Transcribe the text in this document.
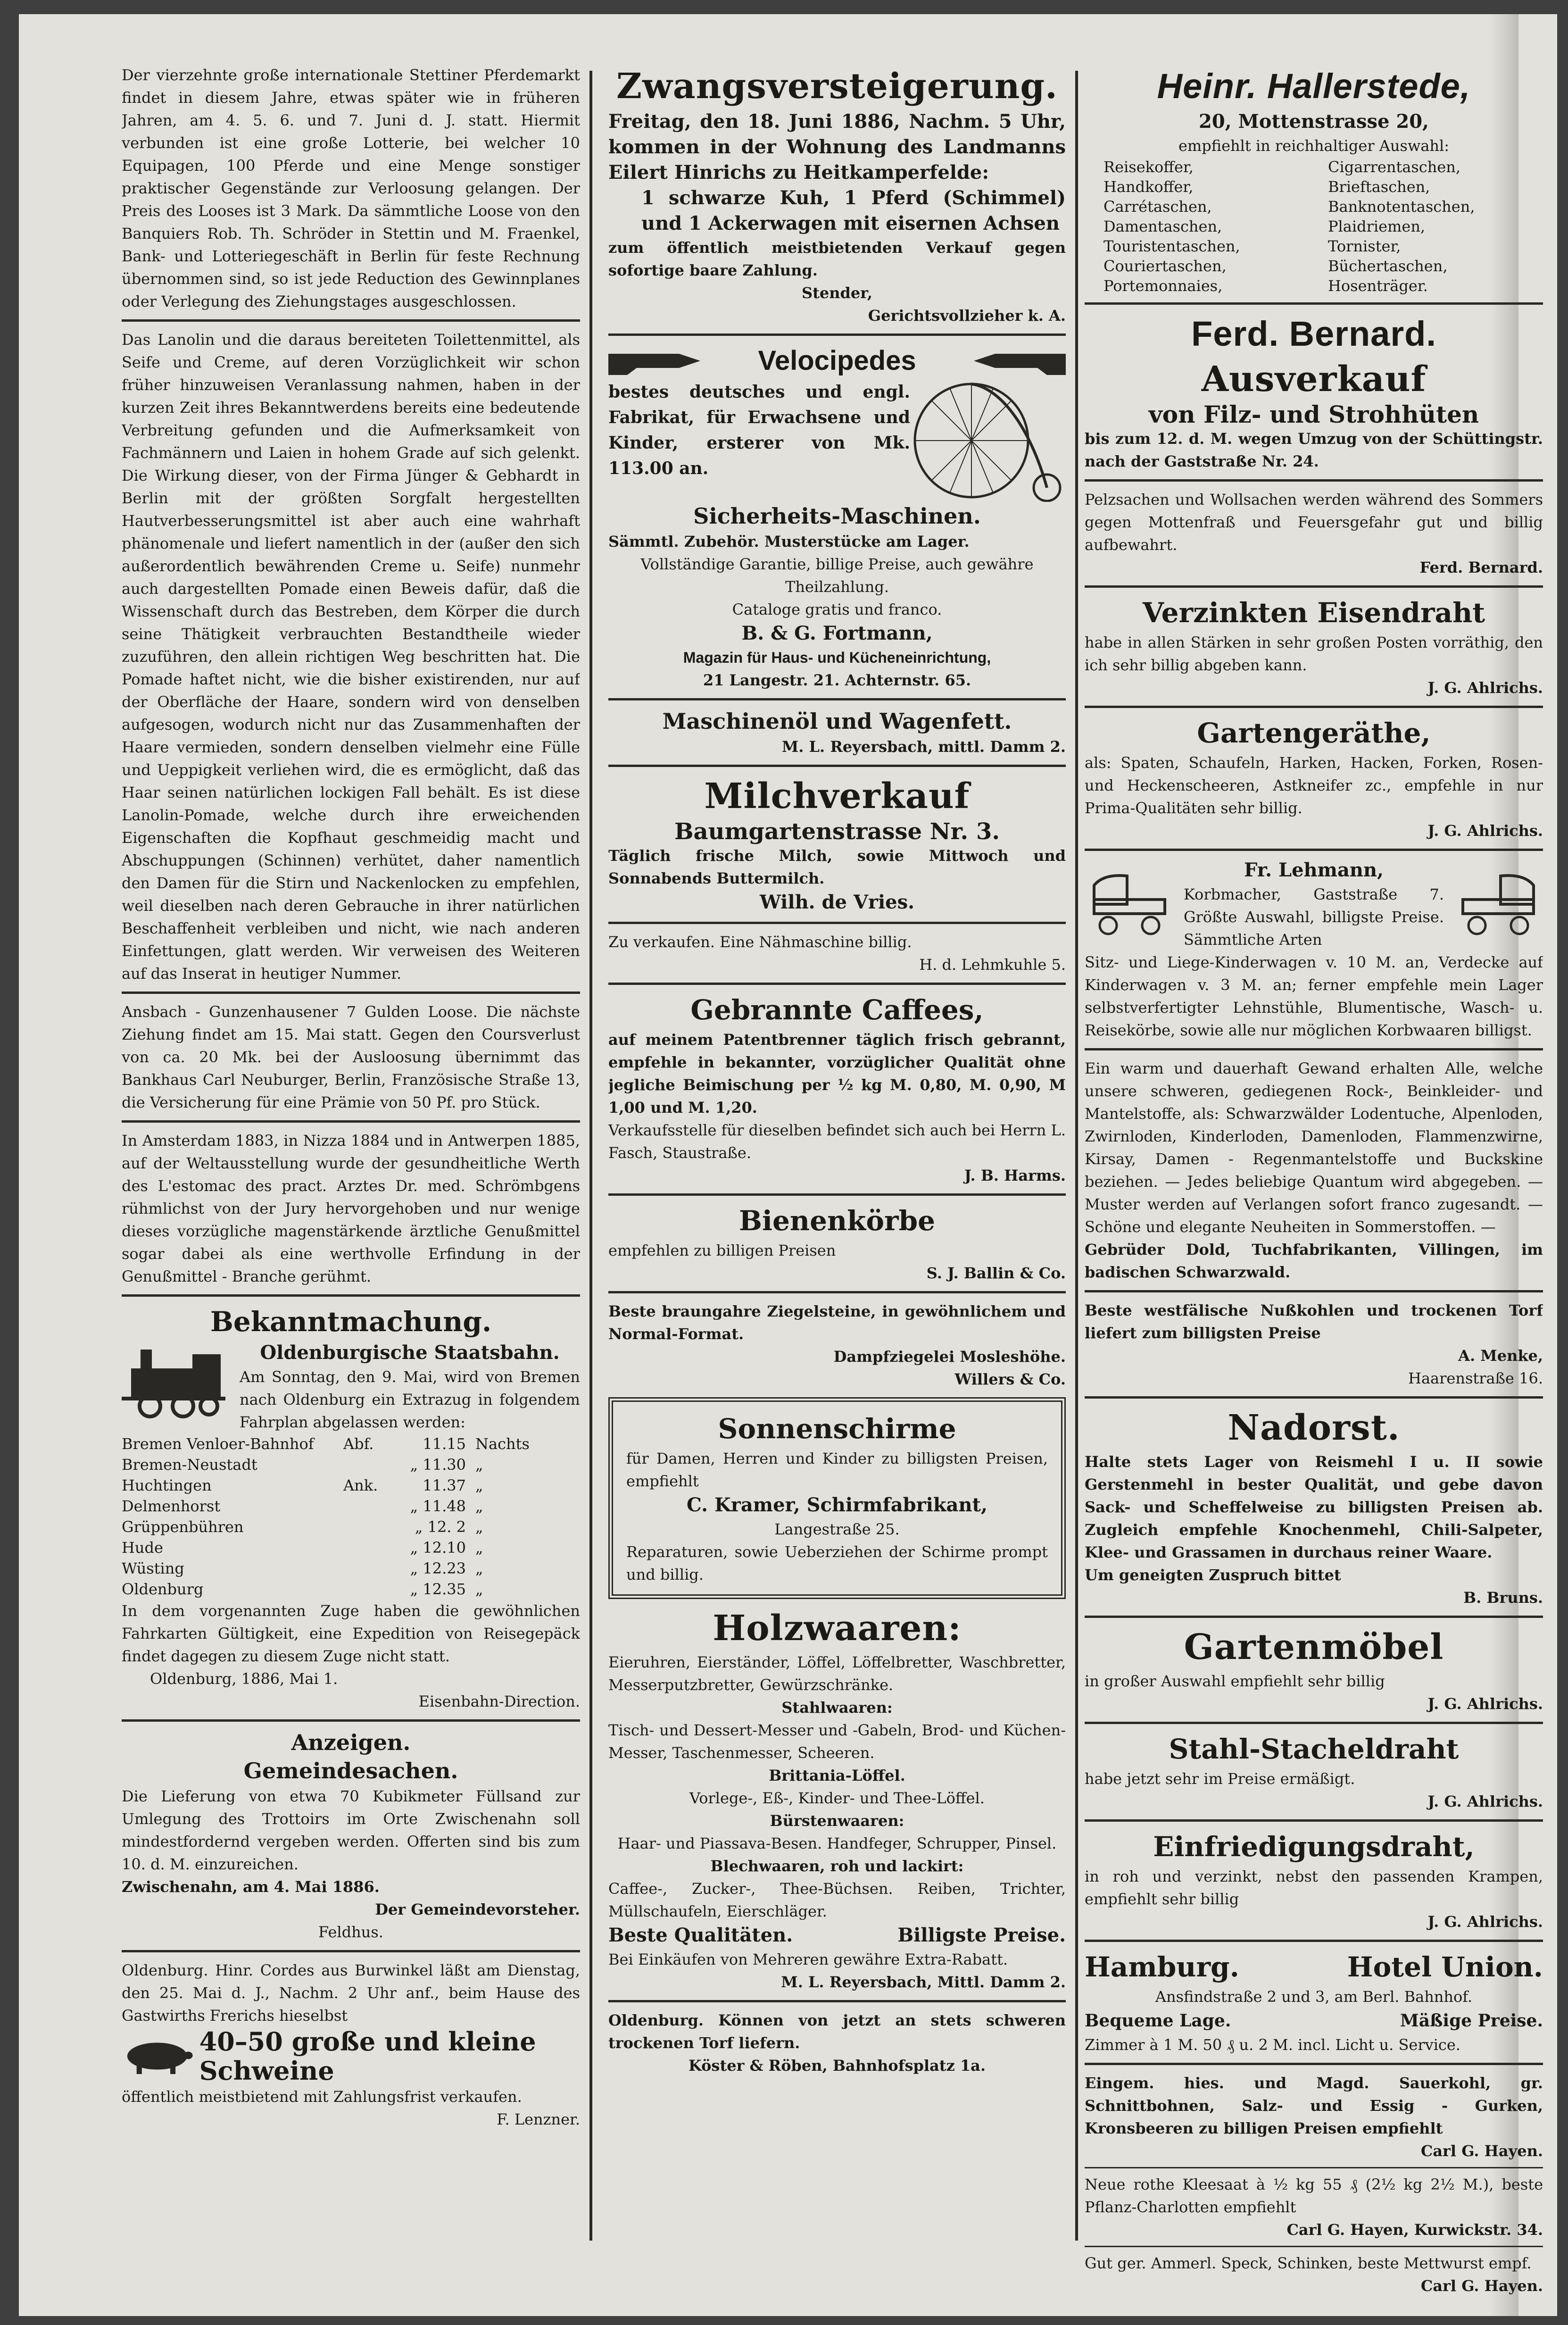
Der vierzehnte große internationale Stettiner Pferdemarkt findet in diesem Jahre, etwas später wie in früheren Jahren, am 4. 5. 6. und 7. Juni d. J. statt. Hiermit verbunden ist eine große Lotterie, bei welcher 10 Equipagen, 100 Pferde und eine Menge sonstiger praktischer Gegenstände zur Verloosung gelangen. Der Preis des Looses ist 3 Mark. Da sämmtliche Loose von den Banquiers Rob. Th. Schröder in Stettin und M. Fraenkel, Bank- und Lotteriegeschäft in Berlin für feste Rechnung übernommen sind, so ist jede Reduction des Gewinnplanes oder Verlegung des Ziehungstages ausgeschlossen.

Das Lanolin und die daraus bereiteten Toilettenmittel, als Seife und Creme, auf deren Vorzüglichkeit wir schon früher hinzuweisen Veranlassung nahmen, haben in der kurzen Zeit ihres Bekanntwerdens bereits eine bedeutende Verbreitung gefunden und die Aufmerksamkeit von Fachmännern und Laien in hohem Grade auf sich gelenkt. Die Wirkung dieser, von der Firma Jünger & Gebhardt in Berlin mit der größten Sorgfalt hergestellten Hautverbesserungsmittel ist aber auch eine wahrhaft phänomenale und liefert namentlich in der (außer den sich außerordentlich bewährenden Creme u. Seife) nunmehr auch dargestellten Pomade einen Beweis dafür, daß die Wissenschaft durch das Bestreben, dem Körper die durch seine Thätigkeit verbrauchten Bestandtheile wieder zuzuführen, den allein richtigen Weg beschritten hat. Die Pomade haftet nicht, wie die bisher existirenden, nur auf der Oberfläche der Haare, sondern wird von denselben aufgesogen, wodurch nicht nur das Zusammenhaften der Haare vermieden, sondern denselben vielmehr eine Fülle und Ueppigkeit verliehen wird, die es ermöglicht, daß das Haar seinen natürlichen lockigen Fall behält. Es ist diese Lanolin-Pomade, welche durch ihre erweichenden Eigenschaften die Kopfhaut geschmeidig macht und Abschuppungen (Schinnen) verhütet, daher namentlich den Damen für die Stirn und Nackenlocken zu empfehlen, weil dieselben nach deren Gebrauche in ihrer natürlichen Beschaffenheit verbleiben und nicht, wie nach anderen Einfettungen, glatt werden. Wir verweisen des Weiteren auf das Inserat in heutiger Nummer.

Ansbach - Gunzenhausener 7 Gulden Loose. Die nächste Ziehung findet am 15. Mai statt. Gegen den Coursverlust von ca. 20 Mk. bei der Ausloosung übernimmt das Bankhaus Carl Neuburger, Berlin, Französische Straße 13, die Versicherung für eine Prämie von 50 Pf. pro Stück.

In Amsterdam 1883, in Nizza 1884 und in Antwerpen 1885, auf der Weltausstellung wurde der gesundheitliche Werth des L'estomac des pract. Arztes Dr. med. Schrömbgens rühmlichst von der Jury hervorgehoben und nur wenige dieses vorzügliche magenstärkende ärztliche Genußmittel sogar dabei als eine werthvolle Erfindung in der Genußmittel - Branche gerühmt.

Bekanntmachung.
Oldenburgische Staatsbahn.

Am Sonntag, den 9. Mai, wird von Bremen nach Oldenburg ein Extrazug in folgendem Fahrplan abgelassen werden:

Bremen Venloer-Bahnhof	Abf.	11.15 Nachts
Bremen-Neustadt	„ 11.30 „
Huchtingen	Ank.	11.37 „
Delmenhorst	„ 11.48 „
Grüppenbühren	„ 12. 2 „
Hude	„ 12.10 „
Wüsting	„ 12.23 „
Oldenburg	„ 12.35 „

In dem vorgenannten Zuge haben die gewöhnlichen Fahrkarten Gültigkeit, eine Expedition von Reisegepäck findet dagegen zu diesem Zuge nicht statt.

Oldenburg, 1886, Mai 1.

Eisenbahn-Direction.

Anzeigen.
Gemeindesachen.

Die Lieferung von etwa 70 Kubikmeter Füllsand zur Umlegung des Trottoirs im Orte Zwischenahn soll mindestfordernd vergeben werden. Offerten sind bis zum 10. d. M. einzureichen.

Zwischenahn, am 4. Mai 1886.

Der Gemeindevorsteher.

Feldhus.

Oldenburg. Hinr. Cordes aus Burwinkel läßt am Dienstag, den 25. Mai d. J., Nachm. 2 Uhr anf., beim Hause des Gastwirths Frerichs hieselbst

40–50 große und kleine Schweine

öffentlich meistbietend mit Zahlungsfrist verkaufen.

F. Lenzner.

Zwangsversteigerung.

Freitag, den 18. Juni 1886, Nachm. 5 Uhr, kommen in der Wohnung des Landmanns Eilert Hinrichs zu Heitkamperfelde:

1 schwarze Kuh, 1 Pferd (Schimmel) und 1 Ackerwagen mit eisernen Achsen

zum öffentlich meistbietenden Verkauf gegen sofortige baare Zahlung.

Stender,

Gerichtsvollzieher k. A.

Velocipedes

bestes deutsches und engl. Fabrikat, für Erwachsene und Kinder, ersterer von Mk. 113.00 an.

Sicherheits-Maschinen.

Sämmtl. Zubehör. Musterstücke am Lager.

Vollständige Garantie, billige Preise, auch gewähre Theilzahlung.

Cataloge gratis und franco.

B. & G. Fortmann,

Magazin für Haus- und Kücheneinrichtung,

21 Langestr. 21. Achternstr. 65.

Maschinenöl und Wagenfett.

M. L. Reyersbach, mittl. Damm 2.

Milchverkauf
Baumgartenstrasse Nr. 3.

Täglich frische Milch, sowie Mittwoch und Sonnabends Buttermilch.

Wilh. de Vries.

Zu verkaufen. Eine Nähmaschine billig.

H. d. Lehmkuhle 5.

Gebrannte Caffees,

auf meinem Patentbrenner täglich frisch gebrannt, empfehle in bekannter, vorzüglicher Qualität ohne jegliche Beimischung per ½ kg M. 0,80, M. 0,90, M 1,00 und M. 1,20.

Verkaufsstelle für dieselben befindet sich auch bei Herrn L. Fasch, Staustraße.

J. B. Harms.

Bienenkörbe

empfehlen zu billigen Preisen

S. J. Ballin & Co.

Beste braungahre Ziegelsteine, in gewöhnlichem und Normal-Format.

Dampfziegelei Mosleshöhe.

Willers & Co.

Sonnenschirme

für Damen, Herren und Kinder zu billigsten Preisen, empfiehlt

C. Kramer, Schirmfabrikant,

Langestraße 25.

Reparaturen, sowie Ueberziehen der Schirme prompt und billig.

Holzwaaren:

Eieruhren, Eierständer, Löffel, Löffelbretter, Waschbretter, Messerputzbretter, Gewürzschränke.

Stahlwaaren:

Tisch- und Dessert-Messer und -Gabeln, Brod- und Küchen-Messer, Taschenmesser, Scheeren.

Brittania-Löffel.

Vorlege-, Eß-, Kinder- und Thee-Löffel.

Bürstenwaaren:

Haar- und Piassava-Besen. Handfeger, Schrupper, Pinsel.

Blechwaaren, roh und lackirt:

Caffee-, Zucker-, Thee-Büchsen. Reiben, Trichter, Müllschaufeln, Eierschläger.

Beste Qualitäten.	Billigste Preise.

Bei Einkäufen von Mehreren gewähre Extra-Rabatt.

M. L. Reyersbach, Mittl. Damm 2.

Oldenburg. Können von jetzt an stets schweren trockenen Torf liefern.

Köster & Röben, Bahnhofsplatz 1a.

Heinr. Hallerstede,
20, Mottenstrasse 20,

empfiehlt in reichhaltiger Auswahl:

Reisekoffer,	Cigarrentaschen,
Handkoffer,	Brieftaschen,
Carrétaschen,	Banknotentaschen,
Damentaschen,	Plaidriemen,
Touristentaschen,	Tornister,
Couriertaschen,	Büchertaschen,
Portemonnaies,	Hosenträger.
Ferd. Bernard.
Ausverkauf
von Filz- und Strohhüten

bis zum 12. d. M. wegen Umzug von der Schüttingstr. nach der Gaststraße Nr. 24.

Pelzsachen und Wollsachen werden während des Sommers gegen Mottenfraß und Feuersgefahr gut und billig aufbewahrt.

Ferd. Bernard.

Verzinkten Eisendraht

habe in allen Stärken in sehr großen Posten vorräthig, den ich sehr billig abgeben kann.

J. G. Ahlrichs.

Gartengeräthe,

als: Spaten, Schaufeln, Harken, Hacken, Forken, Rosen- und Heckenscheeren, Astkneifer zc., empfehle in nur Prima-Qualitäten sehr billig.

J. G. Ahlrichs.

Fr. Lehmann,

Korbmacher, Gaststraße 7. Größte Auswahl, billigste Preise. Sämmtliche Arten

Sitz- und Liege-Kinderwagen v. 10 M. an, Verdecke auf Kinderwagen v. 3 M. an; ferner empfehle mein Lager selbstverfertigter Lehnstühle, Blumentische, Wasch- u. Reisekörbe, sowie alle nur möglichen Korbwaaren billigst.

Ein warm und dauerhaft Gewand erhalten Alle, welche unsere schweren, gediegenen Rock-, Beinkleider- und Mantelstoffe, als: Schwarzwälder Lodentuche, Alpenloden, Zwirnloden, Kinderloden, Damenloden, Flammenzwirne, Kirsay, Damen - Regenmantelstoffe und Buckskine beziehen. — Jedes beliebige Quantum wird abgegeben. — Muster werden auf Verlangen sofort franco zugesandt. — Schöne und elegante Neuheiten in Sommerstoffen. —

Gebrüder Dold, Tuchfabrikanten, Villingen, im badischen Schwarzwald.

Beste westfälische Nußkohlen und trockenen Torf liefert zum billigsten Preise

A. Menke,

Haarenstraße 16.

Nadorst.

Halte stets Lager von Reismehl I u. II sowie Gerstenmehl in bester Qualität, und gebe davon Sack- und Scheffelweise zu billigsten Preisen ab. Zugleich empfehle Knochenmehl, Chili-Salpeter, Klee- und Grassamen in durchaus reiner Waare.

Um geneigten Zuspruch bittet

B. Bruns.

Gartenmöbel

in großer Auswahl empfiehlt sehr billig

J. G. Ahlrichs.

Stahl-Stacheldraht

habe jetzt sehr im Preise ermäßigt.

J. G. Ahlrichs.

Einfriedigungsdraht,

in roh und verzinkt, nebst den passenden Krampen, empfiehlt sehr billig

J. G. Ahlrichs.

Hamburg.	Hotel Union.

Ansfindstraße 2 und 3, am Berl. Bahnhof.

Bequeme Lage.	Mäßige Preise.

Zimmer à 1 M. 50 ₰ u. 2 M. incl. Licht u. Service.

Eingem. hies. und Magd. Sauerkohl, gr. Schnittbohnen, Salz- und Essig - Gurken, Kronsbeeren zu billigen Preisen empfiehlt

Carl G. Hayen.

Neue rothe Kleesaat à ½ kg 55 ₰ (2½ kg 2½ M.), beste Pflanz-Charlotten empfiehlt

Carl G. Hayen, Kurwickstr. 34.

Gut ger. Ammerl. Speck, Schinken, beste Mettwurst empf.

Carl G. Hayen.
